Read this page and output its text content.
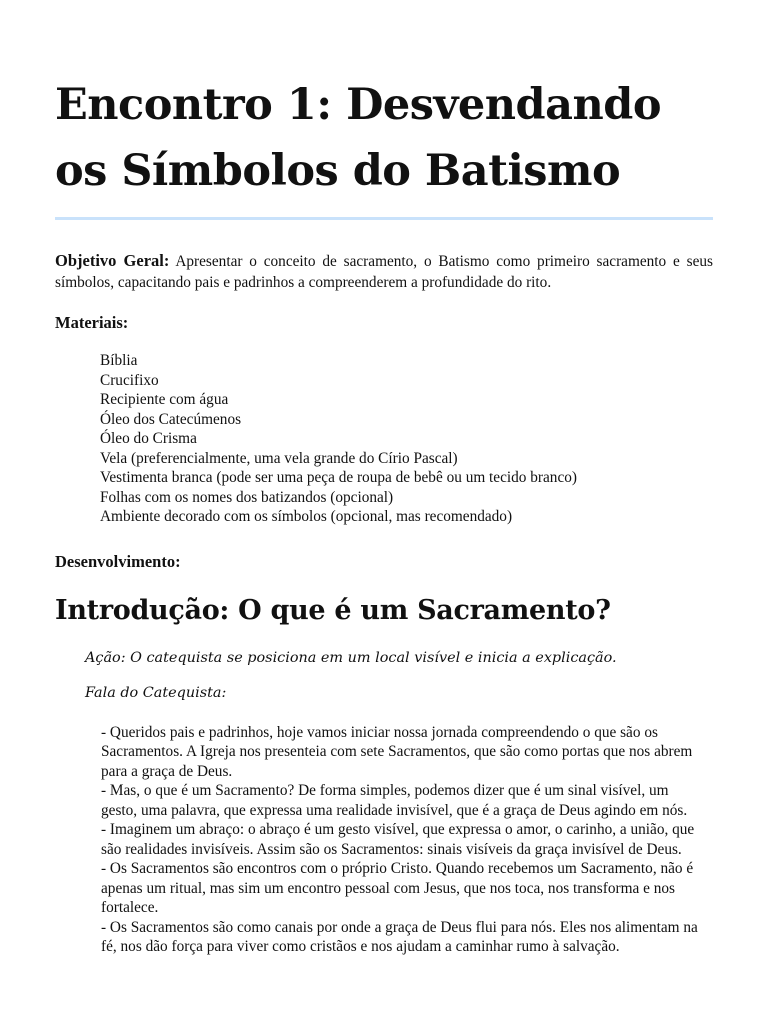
Encontro 1: Desvendando os Símbolos do Batismo
Objetivo Geral: Apresentar o conceito de sacramento, o Batismo como primeiro sacramento e seus símbolos, capacitando pais e padrinhos a compreenderem a profundidade do rito.
Materiais:
Bíblia
Crucifixo
Recipiente com água
Óleo dos Catecúmenos
Óleo do Crisma
Vela (preferencialmente, uma vela grande do Círio Pascal)
Vestimenta branca (pode ser uma peça de roupa de bebê ou um tecido branco)
Folhas com os nomes dos batizandos (opcional)
Ambiente decorado com os símbolos (opcional, mas recomendado)
Desenvolvimento:
Introdução: O que é um Sacramento?
Ação: O catequista se posiciona em um local visível e inicia a explicação.
Fala do Catequista:

- Queridos pais e padrinhos, hoje vamos iniciar nossa jornada compreendendo o que são os Sacramentos. A Igreja nos presenteia com sete Sacramentos, que são como portas que nos abrem para a graça de Deus.

- Mas, o que é um Sacramento? De forma simples, podemos dizer que é um sinal visível, um gesto, uma palavra, que expressa uma realidade invisível, que é a graça de Deus agindo em nós.

- Imaginem um abraço: o abraço é um gesto visível, que expressa o amor, o carinho, a união, que são realidades invisíveis. Assim são os Sacramentos: sinais visíveis da graça invisível de Deus.

- Os Sacramentos são encontros com o próprio Cristo. Quando recebemos um Sacramento, não é apenas um ritual, mas sim um encontro pessoal com Jesus, que nos toca, nos transforma e nos fortalece.

- Os Sacramentos são como canais por onde a graça de Deus flui para nós. Eles nos alimentam na fé, nos dão força para viver como cristãos e nos ajudam a caminhar rumo à salvação.
